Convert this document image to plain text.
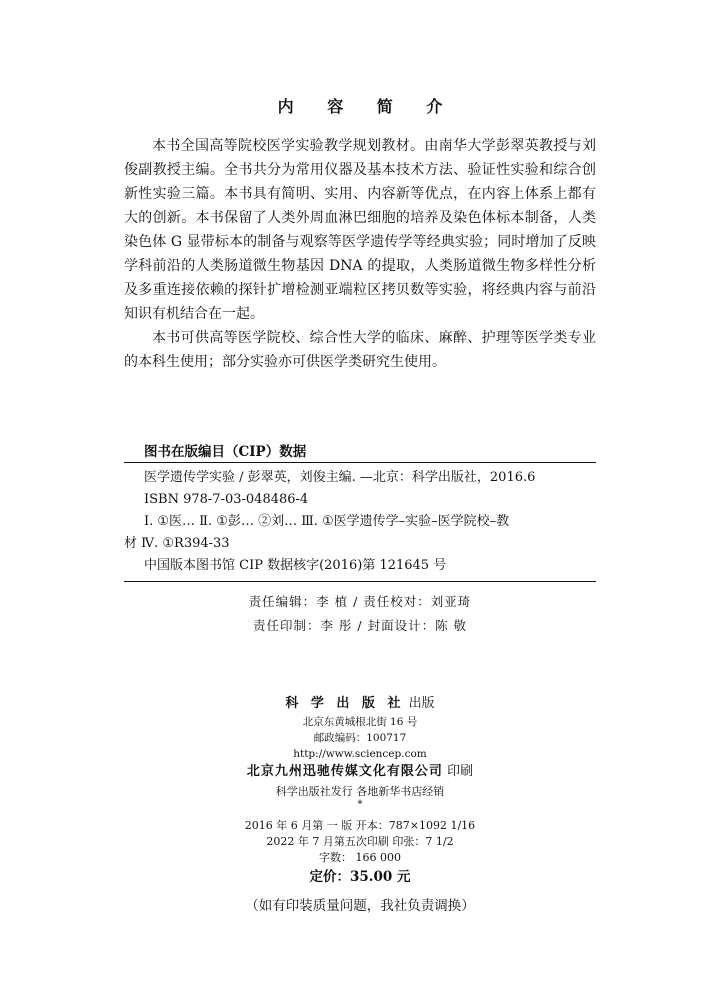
内 容 简 介

本书全国高等院校医学实验教学规划教材。由南华大学彭翠英教授与刘俊副教授主编。全书共分为常用仪器及基本技术方法、验证性实验和综合创新性实验三篇。本书具有简明、实用、内容新等优点，在内容上体系上都有大的创新。本书保留了人类外周血淋巴细胞的培养及染色体标本制备，人类染色体 G 显带标本的制备与观察等医学遗传学等经典实验；同时增加了反映学科前沿的人类肠道微生物基因 DNA 的提取，人类肠道微生物多样性分析及多重连接依赖的探针扩增检测亚端粒区拷贝数等实验，将经典内容与前沿知识有机结合在一起。

本书可供高等医学院校、综合性大学的临床、麻醉、护理等医学类专业的本科生使用；部分实验亦可供医学类研究生使用。

图书在版编目（CIP）数据
医学遗传学实验 / 彭翠英，刘俊主编. —北京：科学出版社，2016.6
ISBN 978-7-03-048486-4
Ⅰ. ①医… Ⅱ. ①彭… ②刘… Ⅲ. ①医学遗传学–实验–医学院校–教
材 Ⅳ. ①R394-33
中国版本图书馆 CIP 数据核字(2016)第 121645 号
责任编辑：李 植 / 责任校对：刘亚琦
责任印制：李 彤 / 封面设计：陈 敬
科 学 出 版 社 出版
北京东黄城根北街 16 号
邮政编码：100717
http://www.sciencep.com
北京九州迅驰传媒文化有限公司 印刷
科学出版社发行 各地新华书店经销
*
2016 年 6 月第 一 版 开本：787×1092 1/16
2022 年 7 月第五次印刷 印张：7 1/2
字数： 166 000
定价：35.00 元
（如有印装质量问题，我社负责调换）
